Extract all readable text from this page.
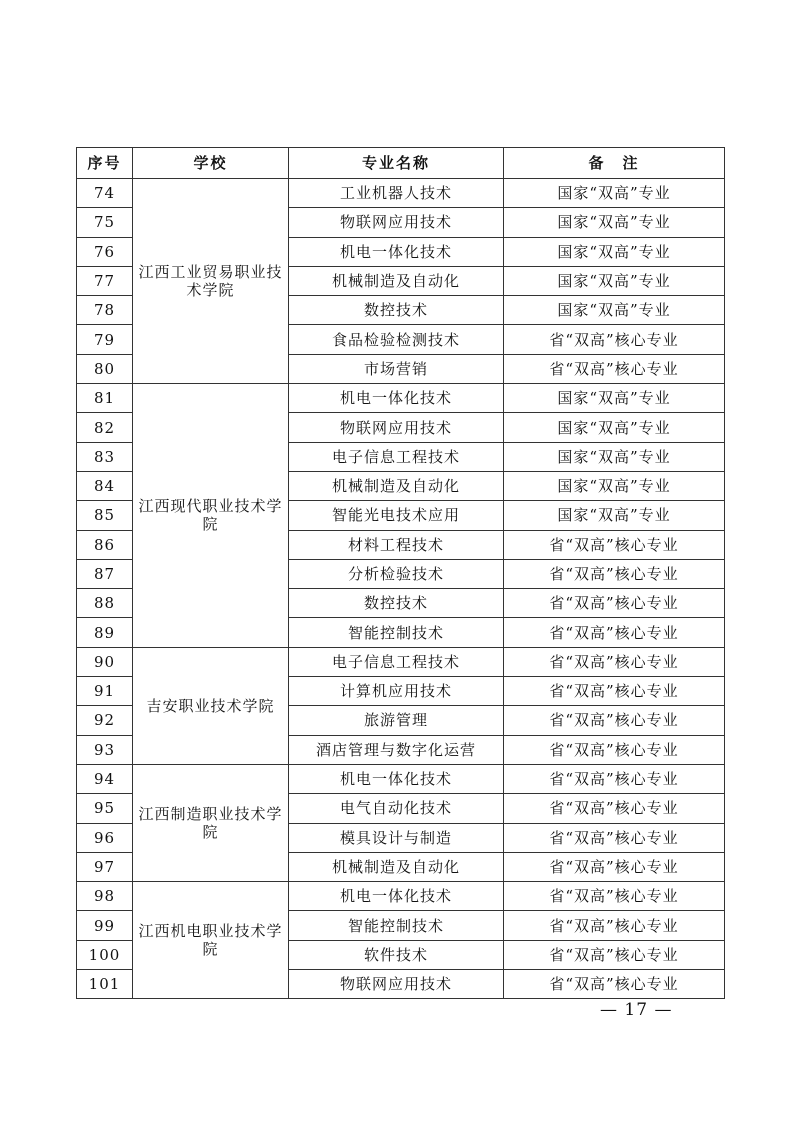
序号	学校	专业名称	备　注
74	江西工业贸易职业技术学院	工业机器人技术	国家“双高”专业
75		物联网应用技术	国家“双高”专业
76		机电一体化技术	国家“双高”专业
77		机械制造及自动化	国家“双高”专业
78		数控技术	国家“双高”专业
79		食品检验检测技术	省“双高”核心专业
80		市场营销	省“双高”核心专业
81	江西现代职业技术学院	机电一体化技术	国家“双高”专业
82		物联网应用技术	国家“双高”专业
83		电子信息工程技术	国家“双高”专业
84		机械制造及自动化	国家“双高”专业
85		智能光电技术应用	国家“双高”专业
86		材料工程技术	省“双高”核心专业
87		分析检验技术	省“双高”核心专业
88		数控技术	省“双高”核心专业
89		智能控制技术	省“双高”核心专业
90	吉安职业技术学院	电子信息工程技术	省“双高”核心专业
91		计算机应用技术	省“双高”核心专业
92		旅游管理	省“双高”核心专业
93		酒店管理与数字化运营	省“双高”核心专业
94	江西制造职业技术学院	机电一体化技术	省“双高”核心专业
95		电气自动化技术	省“双高”核心专业
96		模具设计与制造	省“双高”核心专业
97		机械制造及自动化	省“双高”核心专业
98	江西机电职业技术学院	机电一体化技术	省“双高”核心专业
99		智能控制技术	省“双高”核心专业
100		软件技术	省“双高”核心专业
101		物联网应用技术	省“双高”核心专业
— 17 —
